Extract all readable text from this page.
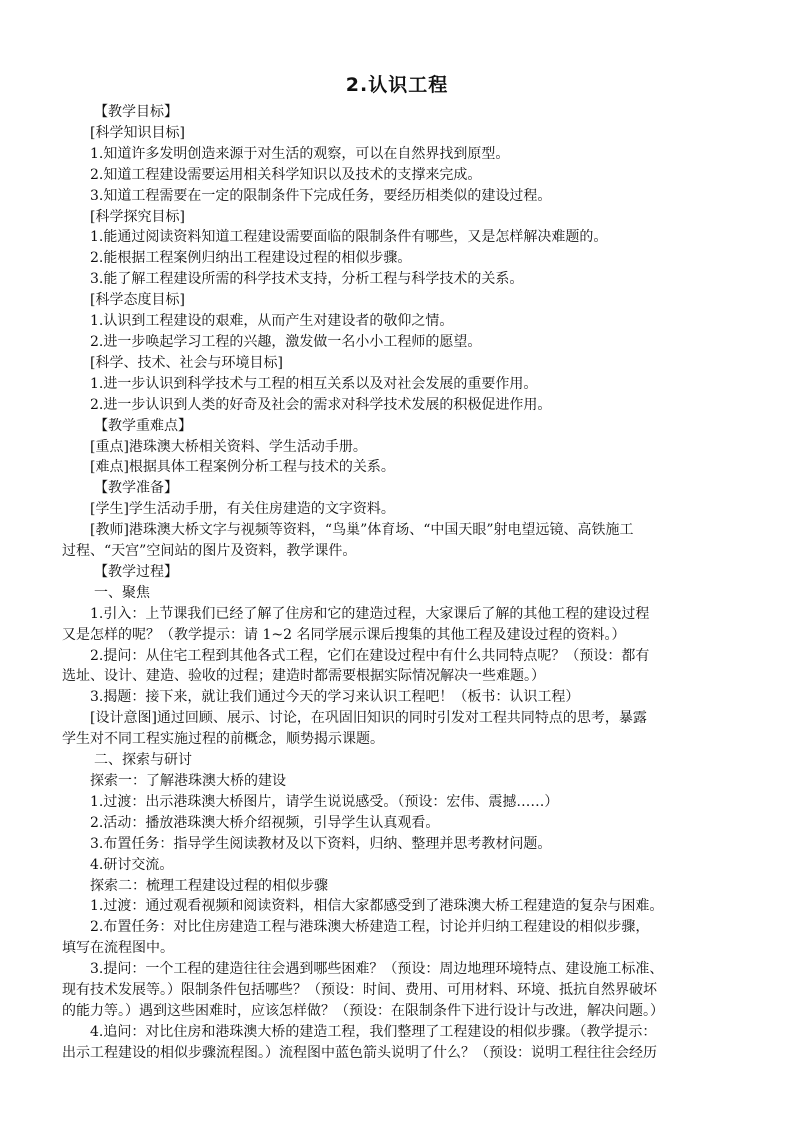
2.认识工程

【教学目标】

[科学知识目标]

1.知道许多发明创造来源于对生活的观察，可以在自然界找到原型。

2.知道工程建设需要运用相关科学知识以及技术的支撑来完成。

3.知道工程需要在一定的限制条件下完成任务，要经历相类似的建设过程。

[科学探究目标]

1.能通过阅读资料知道工程建设需要面临的限制条件有哪些，又是怎样解决难题的。

2.能根据工程案例归纳出工程建设过程的相似步骤。

3.能了解工程建设所需的科学技术支持，分析工程与科学技术的关系。

[科学态度目标]

1.认识到工程建设的艰难，从而产生对建设者的敬仰之情。

2.进一步唤起学习工程的兴趣，激发做一名小小工程师的愿望。

[科学、技术、社会与环境目标]

1.进一步认识到科学技术与工程的相互关系以及对社会发展的重要作用。

2.进一步认识到人类的好奇及社会的需求对科学技术发展的积极促进作用。

【教学重难点】

[重点]港珠澳大桥相关资料、学生活动手册。

[难点]根据具体工程案例分析工程与技术的关系。

【教学准备】

[学生]学生活动手册，有关住房建造的文字资料。

[教师]港珠澳大桥文字与视频等资料，“鸟巢”体育场、“中国天眼”射电望远镜、高铁施工

过程、“天宫”空间站的图片及资料，教学课件。

【教学过程】

一、聚焦

1.引入：上节课我们已经了解了住房和它的建造过程，大家课后了解的其他工程的建设过程

又是怎样的呢？（教学提示：请 1~2 名同学展示课后搜集的其他工程及建设过程的资料。）

2.提问：从住宅工程到其他各式工程，它们在建设过程中有什么共同特点呢？（预设：都有

选址、设计、建造、验收的过程；建造时都需要根据实际情况解决一些难题。）

3.揭题：接下来，就让我们通过今天的学习来认识工程吧！（板书：认识工程）

[设计意图]通过回顾、展示、讨论，在巩固旧知识的同时引发对工程共同特点的思考，暴露

学生对不同工程实施过程的前概念，顺势揭示课题。

二、探索与研讨

探索一：了解港珠澳大桥的建设

1.过渡：出示港珠澳大桥图片，请学生说说感受。（预设：宏伟、震撼……）

2.活动：播放港珠澳大桥介绍视频，引导学生认真观看。

3.布置任务：指导学生阅读教材及以下资料，归纳、整理并思考教材问题。

4.研讨交流。

探索二：梳理工程建设过程的相似步骤

1.过渡：通过观看视频和阅读资料，相信大家都感受到了港珠澳大桥工程建造的复杂与困难。

2.布置任务：对比住房建造工程与港珠澳大桥建造工程，讨论并归纳工程建设的相似步骤，

填写在流程图中。

3.提问：一个工程的建造往往会遇到哪些困难？（预设：周边地理环境特点、建设施工标准、

现有技术发展等。）限制条件包括哪些？（预设：时间、费用、可用材料、环境、抵抗自然界破坏

的能力等。）遇到这些困难时，应该怎样做？（预设：在限制条件下进行设计与改进，解决问题。）

4.追问：对比住房和港珠澳大桥的建造工程，我们整理了工程建设的相似步骤。（教学提示：

出示工程建设的相似步骤流程图。）流程图中蓝色箭头说明了什么？（预设：说明工程往往会经历
